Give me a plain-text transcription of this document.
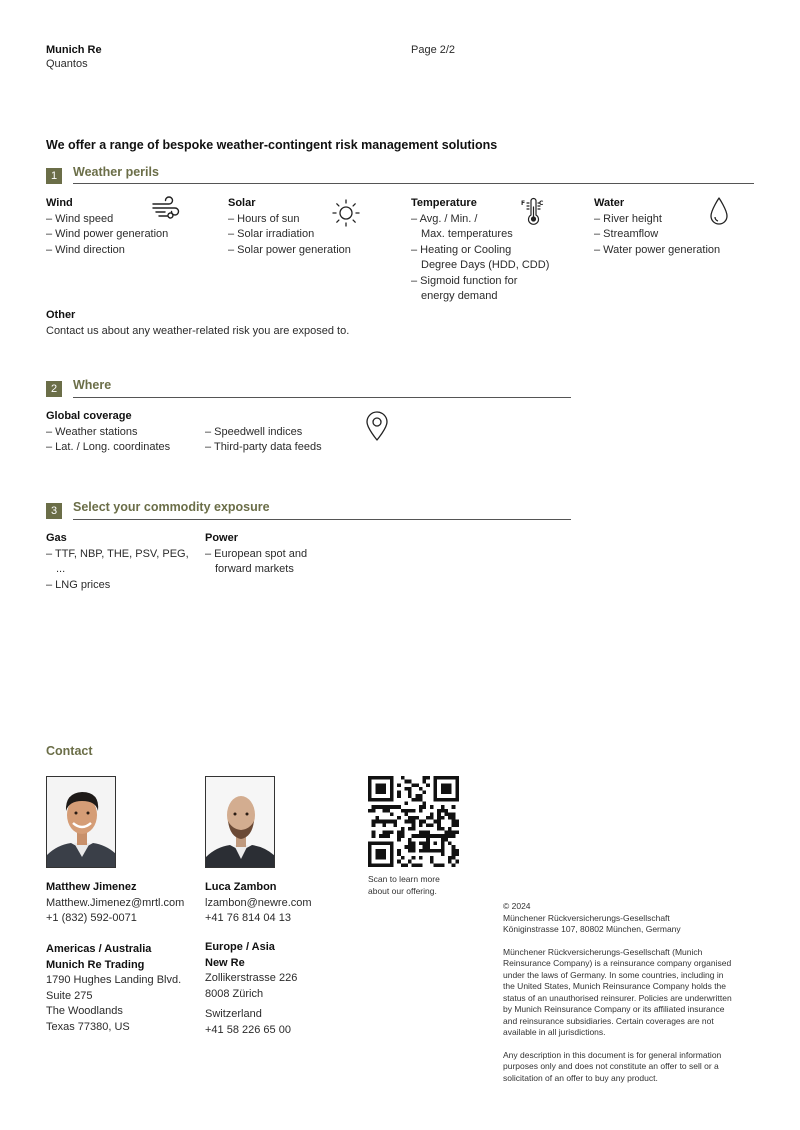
Munich Re
Quantos
Page 2/2
We offer a range of bespoke weather-contingent risk management solutions
1	Weather perils
Wind
– Wind speed
– Wind power generation
– Wind direction
Solar
– Hours of sun
– Solar irradiation
– Solar power generation
Temperature
– Avg. / Min. /
Max. temperatures
– Heating or Cooling
Degree Days (HDD, CDD)
– Sigmoid function for
energy demand
F C	Water
– River height
– Streamflow
– Water power generation
Other
Contact us about any weather-related risk you are exposed to.
2	Where
Global coverage
– Weather stations
– Lat. / Long. coordinates
– Speedwell indices
– Third-party data feeds
3	Select your commodity exposure
Gas
– TTF, NBP, THE, PSV, PEG,
...
– LNG prices
Power
– European spot and
forward markets
Contact
Scan to learn more
about our offering.
Matthew Jimenez
Matthew.Jimenez@mrtl.com
+1 (832) 592-0071
Americas / Australia
Munich Re Trading
1790 Hughes Landing Blvd.
Suite 275
The Woodlands
Texas 77380, US
Luca Zambon
lzambon@newre.com
+41 76 814 04 13
Europe / Asia
New Re
Zollikerstrasse 226
8008 Zürich
Switzerland
+41 58 226 65 00
© 2024
Münchener Rückversicherungs-Gesellschaft
Königinstrasse 107, 80802 München, Germany
Münchener Rückversicherungs-Gesellschaft (Munich
Reinsurance Company) is a reinsurance company organised
under the laws of Germany. In some countries, including in
the United States, Munich Reinsurance Company holds the
status of an unauthorised reinsurer. Policies are underwritten
by Munich Reinsurance Company or its affiliated insurance
and reinsurance subsidiaries. Certain coverages are not
available in all jurisdictions.
Any description in this document is for general information
purposes only and does not constitute an offer to sell or a
solicitation of an offer to buy any product.
